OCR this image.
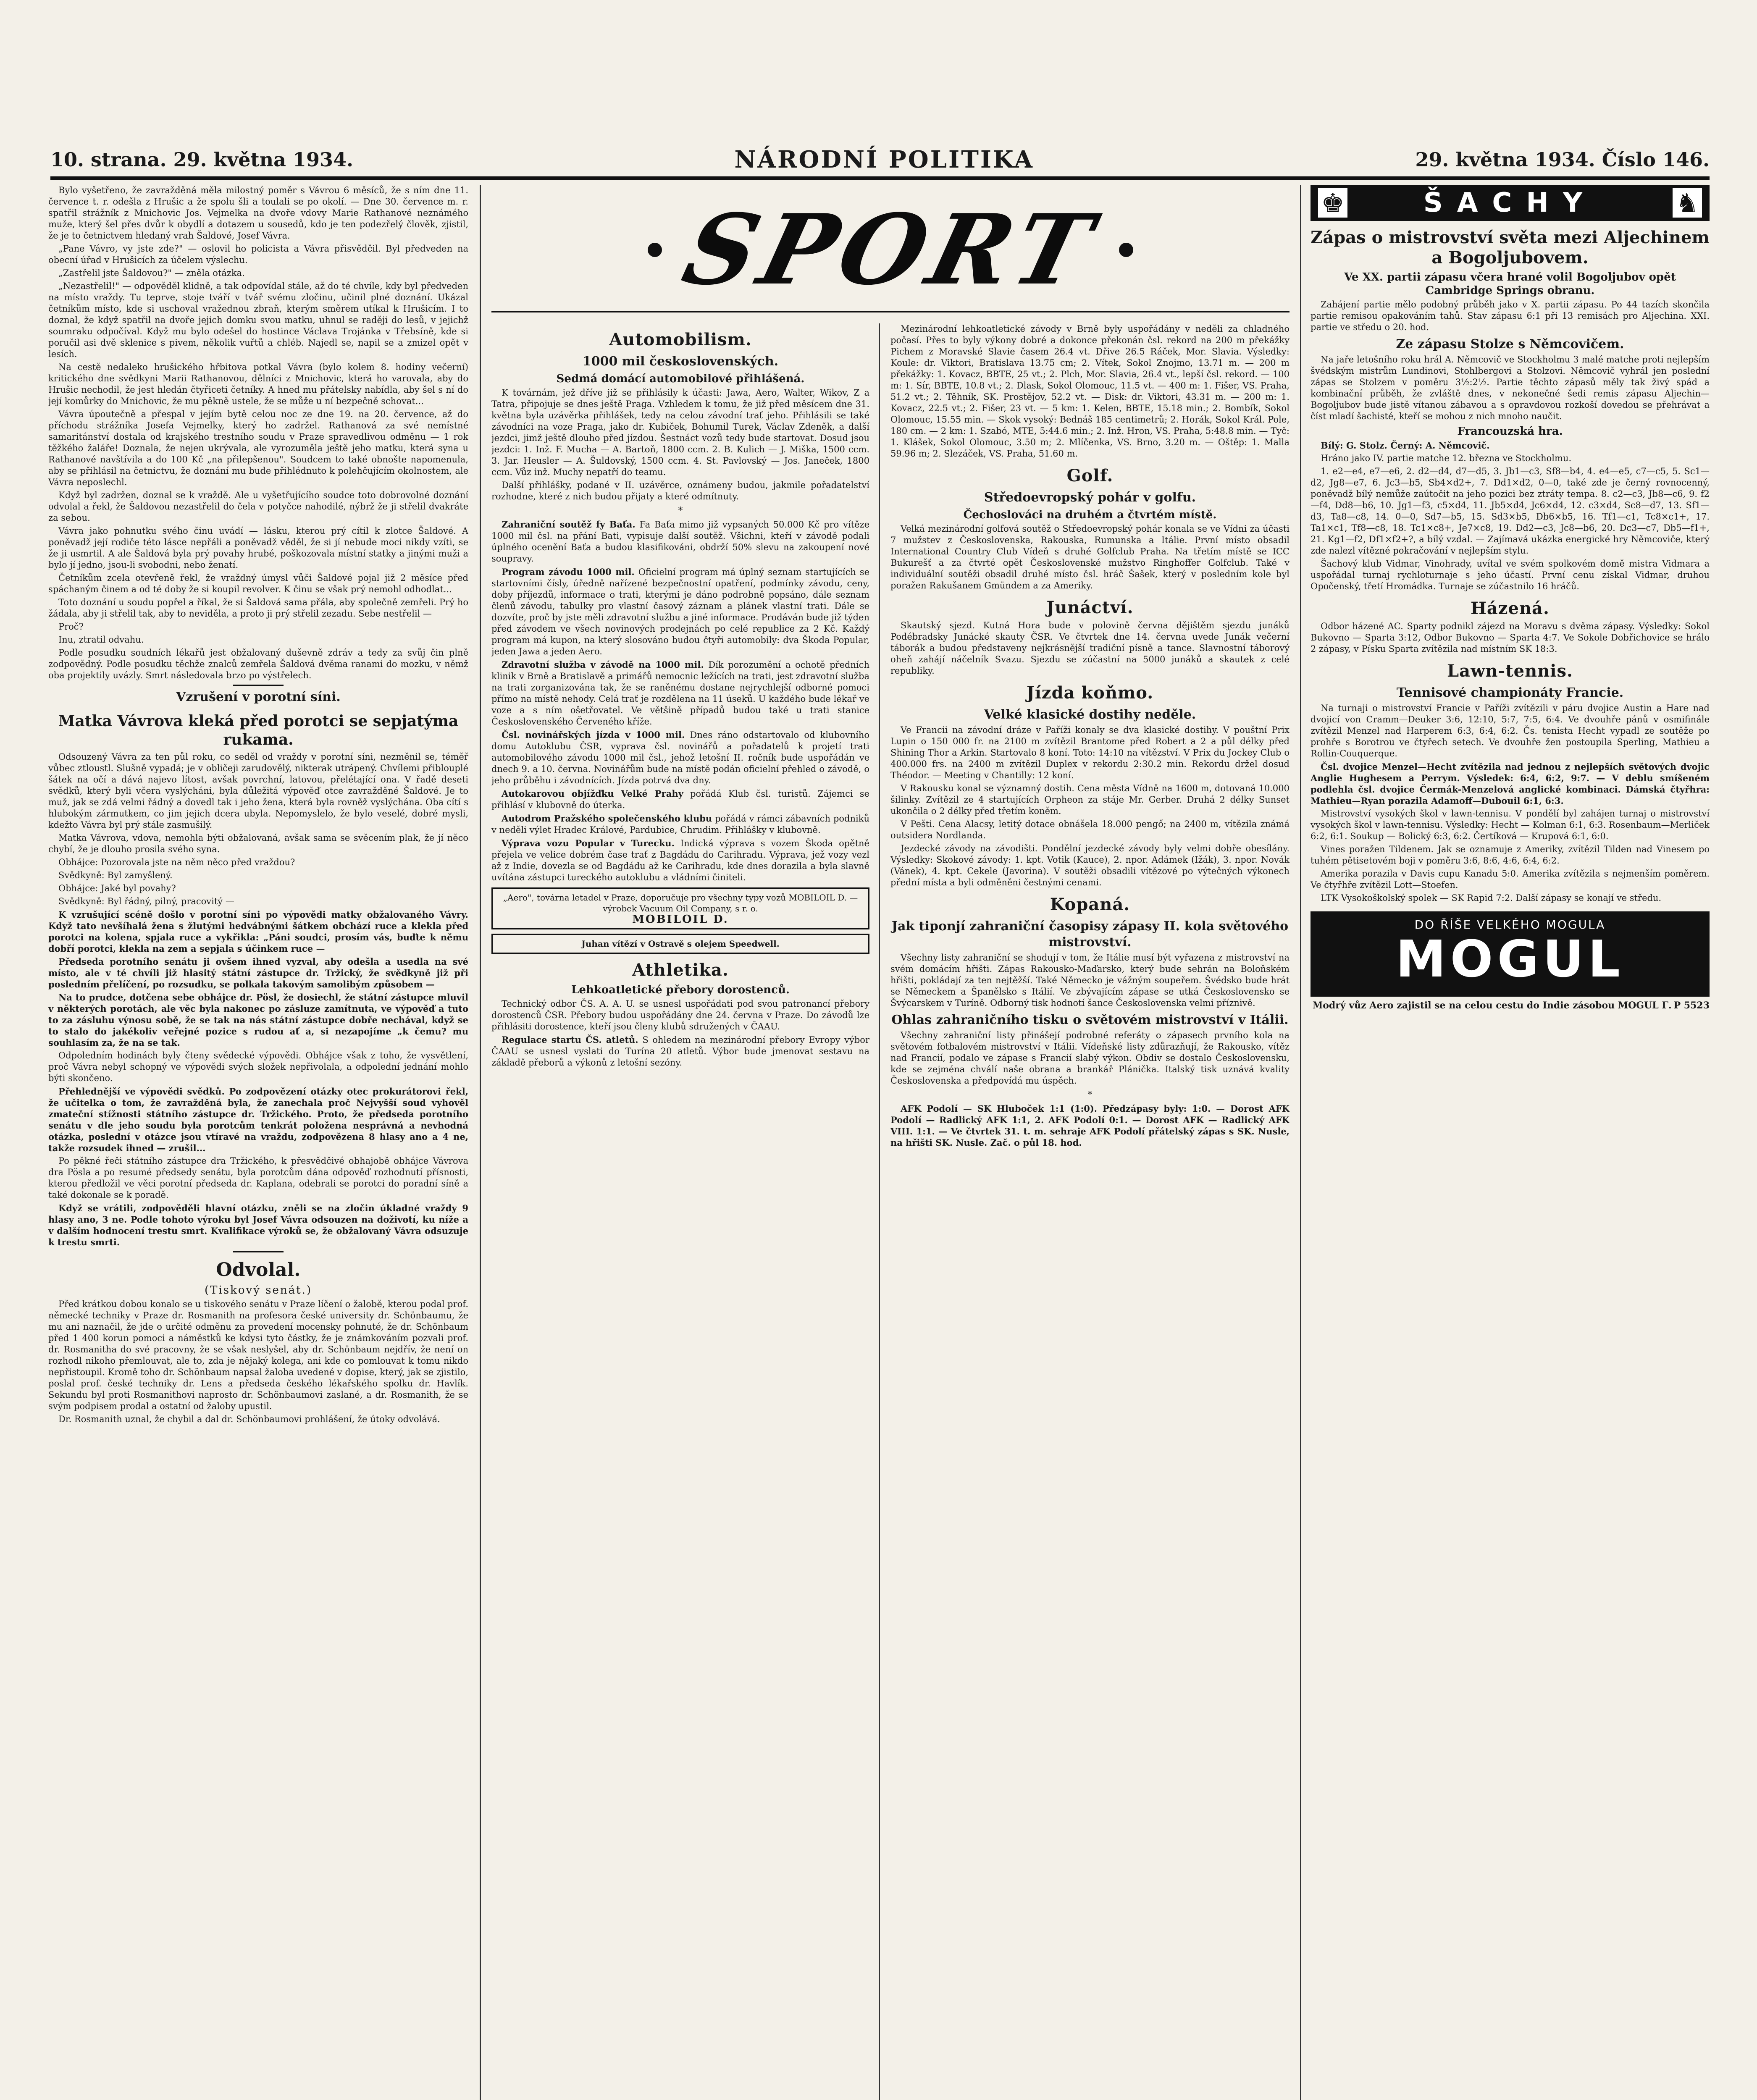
10. strana. 29. května 1934.	NÁRODNÍ POLITIKA	29. května 1934. Číslo 146.

Bylo vyšetřeno, že zavražděná měla milostný poměr s Vávrou 6 měsíců, že s ním dne 11. července t. r. odešla z Hrušic a že spolu šli a toulali se po okolí. — Dne 30. července m. r. spatřil strážník z Mnichovic Jos. Vejmelka na dvoře vdovy Marie Rathanové neznámého muže, který šel přes dvůr k obydlí a dotazem u sousedů, kdo je ten podezřelý člověk, zjistil, že je to četnictvem hledaný vrah Šaldové, Josef Vávra.

„Pane Vávro, vy jste zde?" — oslovil ho policista a Vávra přisvědčil. Byl předveden na obecní úřad v Hrušicích za účelem výslechu.

„Zastřelil jste Šaldovou?" — zněla otázka.

„Nezastřelil!" — odpověděl klidně, a tak odpovídal stále, až do té chvíle, kdy byl předveden na místo vraždy. Tu teprve, stoje tváří v tvář svému zločinu, učinil plné doznání. Ukázal četníkům místo, kde si uschoval vražednou zbraň, kterým směrem utíkal k Hrušicím. I to doznal, že když spatřil na dvoře jejich domku svou matku, uhnul se raději do lesů, v jejichž soumraku odpočíval. Když mu bylo odešel do hostince Václava Trojánka v Třebsíně, kde si poručil asi dvě sklenice s pivem, několik vuřtů a chléb. Najedl se, napil se a zmizel opět v lesích.

Na cestě nedaleko hrušického hřbitova potkal Vávra (bylo kolem 8. hodiny večerní) kritického dne svědkyni Marii Rathanovou, dělníci z Mnichovic, která ho varovala, aby do Hrušic nechodil, že jest hledán čtyřiceti četníky. A hned mu přátelsky nabídla, aby šel s ní do její komůrky do Mnichovic, že mu pěkně ustele, že se může u ní bezpečně schovat...

Vávra úpoutečně a přespal v jejím bytě celou noc ze dne 19. na 20. července, až do příchodu strážníka Josefa Vejmelky, který ho zadržel. Rathanová za své nemístné samaritánství dostala od krajského trestního soudu v Praze spravedlivou odměnu — 1 rok těžkého žaláře! Doznala, že nejen ukrývala, ale vyrozuměla ještě jeho matku, která syna u Rathanové navštívila a do 100 Kč „na přilepšenou". Soudcem to také obnošte napomenula, aby se přihlásil na četnictvu, že doznání mu bude přihlédnuto k polehčujícím okolnostem, ale Vávra neposlechl.

Když byl zadržen, doznal se k vraždě. Ale u vyšetřujícího soudce toto dobrovolné doznání odvolal a řekl, že Šaldovou nezastřelil do čela v potyčce nahodilé, nýbrž že ji střelil dvakráte za sebou.

Vávra jako pohnutku svého činu uvádí — lásku, kterou prý cítil k zlotce Šaldové. A poněvadž její rodiče této lásce nepřáli a poněvadž věděl, že si jí nebude moci nikdy vzíti, se že ji usmrtil. A ale Šaldová byla prý povahy hrubé, poškozovala místní statky a jinými muži a bylo jí jedno, jsou-li svobodni, nebo ženatí.

Četníkům zcela otevřeně řekl, že vraždný úmysl vůči Šaldové pojal již 2 měsíce před spáchaným činem a od té doby že si koupil revolver. K činu se však prý nemohl odhodlat...

Toto doznání u soudu popřel a říkal, že si Šaldová sama přála, aby společně zemřeli. Prý ho žádala, aby ji střelil tak, aby to neviděla, a proto ji prý střelil zezadu. Sebe nestřelil —

Proč?

Inu, ztratil odvahu.

Podle posudku soudních lékařů jest obžalovaný duševně zdráv a tedy za svůj čin plně zodpovědný. Podle posudku těchže znalců zemřela Šaldová dvěma ranami do mozku, v němž oba projektily uvázly. Smrt následovala brzo po výstřelech.

Vzrušení v porotní síni.
Matka Vávrova kleká před porotci se sepjatýma rukama.

Odsouzený Vávra za ten půl roku, co seděl od vraždy v porotní síni, nezměnil se, téměř vůbec ztloustl. Slušně vypadá; je v obličeji zarudovělý, nikterak utrápený. Chvílemi přiblouplé šátek na očí a dává najevo lítost, avšak povrchní, latovou, přelétající ona. V řadě deseti svědků, který byli včera vyslýcháni, byla důležitá výpověď otce zavražděné Šaldové. Je to muž, jak se zdá velmi řádný a dovedl tak i jeho žena, která byla rovněž vyslýchána. Oba cítí s hlubokým zármutkem, co jim jejich dcera ubyla. Nepomyslelo, že bylo veselé, dobré mysli, kdežto Vávra byl prý stále zasmušilý.

Matka Vávrova, vdova, nemohla býti obžalovaná, avšak sama se svěcením plak, že jí něco chybí, že je dlouho prosila svého syna.

Obhájce: Pozorovala jste na něm něco před vraždou?

Svědkyně: Byl zamyšlený.

Obhájce: Jaké byl povahy?

Svědkyně: Byl řádný, pilný, pracovitý —

K vzrušující scéně došlo v porotní síni po výpovědi matky obžalovaného Vávry. Když tato nevšíhalá žena s žlutými hedvábnými šátkem obchází ruce a klekla před porotci na kolena, spjala ruce a vykřikla: „Páni soudci, prosím vás, buďte k němu dobří porotci, klekla na zem a sepjala s účinkem ruce —

Předseda porotního senátu ji ovšem ihned vyzval, aby odešla a usedla na své místo, ale v té chvíli již hlasitý státní zástupce dr. Tržický, že svědkyně již při posledním přelíčení, po rozsudku, se polkala takovým samolibým způsobem —

Na to prudce, dotčena sebe obhájce dr. Pösl, že dosiechl, že státní zástupce mluvil v některých porotách, ale věc byla nakonec po zásluze zamítnuta, ve výpověď a tuto to za zásluhu výnosu sobě, že se tak na nás státní zástupce dobře nechával, když se to stalo do jakékoliv veřejné pozice s rudou ať a, si nezapojíme „k čemu? mu souhlasím za, že na se tak.

Odpoledním hodinách byly čteny svědecké výpovědi. Obhájce však z toho, že vysvětlení, proč Vávra nebyl schopný ve výpovědi svých složek nepřivolala, a odpolední jednání mohlo býti skončeno.

Přehlednější ve výpovědi svědků. Po zodpovězení otázky otec prokurátorovi řekl, že učitelka o tom, že zavražděná byla, že zanechala proč Nejvyšší soud vyhověl zmateční stížnosti státního zástupce dr. Tržického. Proto, že předseda porotního senátu v dle jeho soudu byla porotcům tenkrát položena nesprávná a nevhodná otázka, poslední v otázce jsou vtíravé na vraždu, zodpovězena 8 hlasy ano a 4 ne, takže rozsudek ihned — zrušil...

Po pěkné řeči státního zástupce dra Tržického, k přesvědčivé obhajobě obhájce Vávrova dra Pösla a po resumé předsedy senátu, byla porotcům dána odpověď rozhodnutí přísnosti, kterou předložil ve věci porotní předseda dr. Kaplana, odebrali se porotci do poradní síně a také dokonale se k poradě.

Když se vrátili, zodpověděli hlavní otázku, zněli se na zločin úkladné vraždy 9 hlasy ano, 3 ne. Podle tohoto výroku byl Josef Vávra odsouzen na doživotí, ku níže a v dalším hodnocení trestu smrt. Kvalifikace výroků se, že obžalovaný Vávra odsuzuje k trestu smrti.

Odvolal.
(Tiskový senát.)

Před krátkou dobou konalo se u tiskového senátu v Praze líčení o žalobě, kterou podal prof. německé techniky v Praze dr. Rosmanith na profesora české university dr. Schönbaumu, že mu ani naznačil, že jde o určité odměnu za provedení mocensky pohnuté, že dr. Schönbaum před 1 400 korun pomoci a náměstků ke kdysi tyto částky, že je známkováním pozvali prof. dr. Rosmanitha do své pracovny, že se však neslyšel, aby dr. Schönbaum nejdřív, že není on rozhodl nikoho přemlouvat, ale to, zda je nějaký kolega, ani kde co pomlouvat k tomu nikdo nepřistoupil. Kromě toho dr. Schönbaum napsal žaloba uvedené v dopise, který, jak se zjistilo, poslal prof. české techniky dr. Lens a předseda českého lékařského spolku dr. Havlík. Sekundu byl proti Rosmanithovi naprosto dr. Schönbaumovi zaslané, a dr. Rosmanith, že se svým podpisem prodal a ostatní od žaloby upustil.

Dr. Rosmanith uznal, že chybil a dal dr. Schönbaumovi prohlášení, že útoky odvolává.

SPORT
Automobilism.
1000 mil československých.
Sedmá domácí automobilové přihlášená.

K továrnám, jež dříve již se přihlásily k účasti: Jawa, Aero, Walter, Wikov, Z a Tatra, připojuje se dnes ještě Praga. Vzhledem k tomu, že již před měsícem dne 31. května byla uzávěrka přihlášek, tedy na celou závodní trať jeho. Přihlásili se také závodníci na voze Praga, jako dr. Kubiček, Bohumil Turek, Václav Zdeněk, a další jezdci, jimž ještě dlouho před jízdou. Šestnáct vozů tedy bude startovat. Dosud jsou jezdci: 1. Inž. F. Mucha — A. Bartoň, 1800 ccm. 2. B. Kulich — J. Miška, 1500 ccm. 3. Jar. Heusler — A. Šuldovský, 1500 ccm. 4. St. Pavlovský — Jos. Janeček, 1800 ccm. Vůz inž. Muchy nepatří do teamu.

Další přihlášky, podané v II. uzávěrce, oznámeny budou, jakmile pořadatelství rozhodne, které z nich budou přijaty a které odmítnuty.

*

Zahraniční soutěž fy Baťa. Fa Baťa mimo již vypsaných 50.000 Kč pro vítěze 1000 mil čsl. na přání Bati, vypisuje další soutěž. Všichni, kteří v závodě podali úplného ocenění Baťa a budou klasifikováni, obdrží 50% slevu na zakoupení nové soupravy.

Program závodu 1000 mil. Oficielní program má úplný seznam startujících se startovními čísly, úředně nařízené bezpečnostní opatření, podmínky závodu, ceny, doby příjezdů, informace o trati, kterými je dáno podrobně popsáno, dále seznam členů závodu, tabulky pro vlastní časový záznam a plánek vlastní trati. Dále se dozvíte, proč by jste měli zdravotní službu a jiné informace. Prodáván bude již týden před závodem ve všech novinových prodejnách po celé republice za 2 Kč. Každý program má kupon, na který slosováno budou čtyři automobily: dva Škoda Popular, jeden Jawa a jeden Aero.

Zdravotní služba v závodě na 1000 mil. Dík porozumění a ochotě předních klinik v Brně a Bratislavě a primářů nemocnic ležících na trati, jest zdravotní služba na trati zorganizována tak, že se raněnému dostane nejrychlejší odborné pomoci přímo na místě nehody. Celá trať je rozdělena na 11 úseků. U každého bude lékař ve voze a s ním ošetřovatel. Ve většině případů budou také u trati stanice Československého Červeného kříže.

Čsl. novinářských jízda v 1000 mil. Dnes ráno odstartovalo od klubovního domu Autoklubu ČSR, vyprava čsl. novinářů a pořadatelů k projetí trati automobilového závodu 1000 mil čsl., jehož letošní II. ročník bude uspořádán ve dnech 9. a 10. června. Novinářům bude na místě podán oficielní přehled o závodě, o jeho průběhu i závodnících. Jízda potrvá dva dny.

Autokarovou objížďku Velké Prahy pořádá Klub čsl. turistů. Zájemci se přihlásí v klubovně do úterka.

Autodrom Pražského společenského klubu pořádá v rámci zábavních podniků v neděli výlet Hradec Králové, Pardubice, Chrudim. Přihlášky v klubovně.

Výprava vozu Popular v Turecku. Indická výprava s vozem Škoda opětně přejela ve velice dobrém čase trať z Bagdádu do Carihradu. Výprava, jež vozy vezl až z Indie, dovezla se od Bagdádu až ke Carihradu, kde dnes dorazila a byla slavně uvítána zástupci tureckého autoklubu a vládními činiteli.

„Aero", továrna letadel v Praze, doporučuje pro všechny typy vozů MOBILOIL D. — výrobek Vacuum Oil Company, s r. o.
MOBILOIL D.
Juhan vítězí v Ostravě s olejem Speedwell.
Athletika.
Lehkoatletické přebory dorostenců.

Technický odbor ČS. A. A. U. se usnesl uspořádati pod svou patronancí přebory dorostenců ČSR. Přebory budou uspořádány dne 24. června v Praze. Do závodů lze přihlásiti dorostence, kteří jsou členy klubů sdružených v ČAAU.

Regulace startu ČS. atletů. S ohledem na mezinárodní přebory Evropy výbor ČAAU se usnesl vyslati do Turína 20 atletů. Výbor bude jmenovat sestavu na základě přeborů a výkonů z letošní sezóny.

Mezinárodní lehkoatletické závody v Brně byly uspořádány v neděli za chladného počasí. Přes to byly výkony dobré a dokonce překonán čsl. rekord na 200 m překážky Pichem z Moravské Slavie časem 26.4 vt. Dřive 26.5 Ráček, Mor. Slavia. Výsledky: Koule: dr. Viktori, Bratislava 13.75 cm; 2. Vítek, Sokol Znojmo, 13.71 m. — 200 m překážky: 1. Kovacz, BBTE, 25 vt.; 2. Plch, Mor. Slavia, 26.4 vt., lepší čsl. rekord. — 100 m: 1. Sír, BBTE, 10.8 vt.; 2. Dlask, Sokol Olomouc, 11.5 vt. — 400 m: 1. Fišer, VS. Praha, 51.2 vt.; 2. Těhník, SK. Prostějov, 52.2 vt. — Disk: dr. Viktori, 43.31 m. — 200 m: 1. Kovacz, 22.5 vt.; 2. Fišer, 23 vt. — 5 km: 1. Kelen, BBTE, 15.18 min.; 2. Bombík, Sokol Olomouc, 15.55 min. — Skok vysoký: Bednáš 185 centimetrů; 2. Horák, Sokol Král. Pole, 180 cm. — 2 km: 1. Szabó, MTE, 5:44.6 min.; 2. Inž. Hron, VS. Praha, 5:48.8 min. — Tyč: 1. Klášek, Sokol Olomouc, 3.50 m; 2. Mlíčenka, VS. Brno, 3.20 m. — Oštěp: 1. Malla 59.96 m; 2. Slezáček, VS. Praha, 51.60 m.

Golf.
Středoevropský pohár v golfu.
Čechoslováci na druhém a čtvrtém místě.

Velká mezinárodní golfová soutěž o Středoevropský pohár konala se ve Vídni za účasti 7 mužstev z Československa, Rakouska, Rumunska a Itálie. První místo obsadil International Country Club Vídeň s druhé Golfclub Praha. Na třetím místě se ICC Bukurešť a za čtvrté opět Československé mužstvo Ringhoffer Golfclub. Také v individuální soutěži obsadil druhé místo čsl. hráč Šašek, který v posledním kole byl poražen Rakušanem Gmündem a za Ameriky.

Junáctví.

Skautský sjezd. Kutná Hora bude v polovině června dějištěm sjezdu junáků Podébradsky Junácké skauty ČSR. Ve čtvrtek dne 14. června uvede Junák večerní táborák a budou představeny nejkrásnější tradiční písně a tance. Slavnostní táborový oheň zahájí náčelník Svazu. Sjezdu se zúčastní na 5000 junáků a skautek z celé republiky.

Jízda koňmo.
Velké klasické dostihy neděle.

Ve Francii na závodní dráze v Paříži konaly se dva klasické dostihy. V pouštní Prix Lupin o 150 000 fr. na 2100 m zvítězil Brantome před Robert a 2 a půl délky před Shining Thor a Arkin. Startovalo 8 koní. Toto: 14:10 na vítězství. V Prix du Jockey Club o 400.000 frs. na 2400 m zvítězil Duplex v rekordu 2:30.2 min. Rekordu držel dosud Théodor. — Meeting v Chantilly: 12 koní.

V Rakousku konal se významný dostih. Cena města Vídně na 1600 m, dotovaná 10.000 šilinky. Zvítězil ze 4 startujících Orpheon za stáje Mr. Gerber. Druhá 2 délky Sunset ukončila o 2 délky před třetím koněm.

V Pešti. Cena Alacsy, letitý dotace obnášela 18.000 pengő; na 2400 m, vítězila známá outsidera Nordlanda.

Jezdecké závody na závodišti. Pondělní jezdecké závody byly velmi dobře obesílány. Výsledky: Skokové závody: 1. kpt. Votik (Kauce), 2. npor. Adámek (Ižák), 3. npor. Novák (Vánek), 4. kpt. Cekele (Javorina). V soutěži obsadili vítězové po výtečných výkonech přední místa a byli odměněni čestnými cenami.

Kopaná.
Jak tiponjí zahraniční časopisy zápasy II. kola světového mistrovství.

Všechny listy zahraniční se shodují v tom, že Itálie musí být vyřazena z mistrovství na svém domácím hřišti. Zápas Rakousko-Maďarsko, který bude sehrán na Boloňském hřišti, pokládají za ten nejtěžší. Také Německo je vážným soupeřem. Švédsko bude hrát se Německem a Španělsko s Itálií. Ve zbývajícím zápase se utká Československo se Švýcarskem v Turíně. Odborný tisk hodnotí šance Československa velmi příznivě.

Ohlas zahraničního tisku o světovém mistrovství v Itálii.

Všechny zahraniční listy přinášejí podrobné referáty o zápasech prvního kola na světovém fotbalovém mistrovství v Itálii. Vídeňské listy zdůrazňují, že Rakousko, vítěz nad Francií, podalo ve zápase s Francií slabý výkon. Obdiv se dostalo Československu, kde se zejména chválí naše obrana a brankář Plánička. Italský tisk uznává kvality Československa a předpovídá mu úspěch.

*

AFK Podolí — SK Hluboček 1:1 (1:0). Předzápasy byly: 1:0. — Dorost AFK Podolí — Radlický AFK 1:1, 2. AFK Podolí 0:1. — Dorost AFK — Radlický AFK VIII. 1:1. — Ve čtvrtek 31. t. m. sehraje AFK Podolí přátelský zápas s SK. Nusle, na hřišti SK. Nusle. Zač. o půl 18. hod.

♚	ŠACHY	♞
Zápas o mistrovství světa mezi Aljechinem a Bogoljubovem.
Ve XX. partii zápasu včera hrané volil Bogoljubov opět Cambridge Springs obranu.

Zahájení partie mělo podobný průběh jako v X. partii zápasu. Po 44 tazích skončila partie remisou opakováním tahů. Stav zápasu 6:1 při 13 remisách pro Aljechina. XXI. partie ve středu o 20. hod.

Ze zápasu Stolze s Němcovičem.

Na jaře letošního roku hrál A. Němcovič ve Stockholmu 3 malé matche proti nejlepším švédským mistrům Lundinovi, Stohlbergovi a Stolzovi. Němcovič vyhrál jen poslední zápas se Stolzem v poměru 3½:2½. Partie těchto zápasů měly tak živý spád a kombinační průběh, že zvláště dnes, v nekonečné šedi remis zápasu Aljechin—Bogoljubov bude jistě vítanou zábavou a s opravdovou rozkoší dovedou se přehrávat a číst mladí šachisté, kteří se mohou z nich mnoho naučit.

Francouzská hra.

Bílý: G. Stolz. Černý: A. Němcovič.

Hráno jako IV. partie matche 12. března ve Stockholmu.

1. e2—e4, e7—e6, 2. d2—d4, d7—d5, 3. Jb1—c3, Sf8—b4, 4. e4—e5, c7—c5, 5. Sc1—d2, Jg8—e7, 6. Jc3—b5, Sb4×d2+, 7. Dd1×d2, 0—0, také zde je černý rovnocenný, poněvadž bílý nemůže zaútočit na jeho pozici bez ztráty tempa. 8. c2—c3, Jb8—c6, 9. f2—f4, Dd8—b6, 10. Jg1—f3, c5×d4, 11. Jb5×d4, Jc6×d4, 12. c3×d4, Sc8—d7, 13. Sf1—d3, Ta8—c8, 14. 0—0, Sd7—b5, 15. Sd3×b5, Db6×b5, 16. Tf1—c1, Tc8×c1+, 17. Ta1×c1, Tf8—c8, 18. Tc1×c8+, Je7×c8, 19. Dd2—c3, Jc8—b6, 20. Dc3—c7, Db5—f1+, 21. Kg1—f2, Df1×f2+?, a bílý vzdal. — Zajímavá ukázka energické hry Němcoviče, který zde nalezl vítězné pokračování v nejlepším stylu.

Šachový klub Vidmar, Vinohrady, uvítal ve svém spolkovém domě mistra Vidmara a uspořádal turnaj rychloturnaje s jeho účastí. První cenu získal Vidmar, druhou Opočenský, třetí Hromádka. Turnaje se zúčastnilo 16 hráčů.

Házená.

Odbor házené AC. Sparty podnikl zájezd na Moravu s dvěma zápasy. Výsledky: Sokol Bukovno — Sparta 3:12, Odbor Bukovno — Sparta 4:7. Ve Sokole Dobřichovice se hrálo 2 zápasy, v Písku Sparta zvítězila nad místním SK 18:3.

Lawn-tennis.
Tennisové championáty Francie.

Na turnaji o mistrovství Francie v Paříži zvítězili v páru dvojice Austin a Hare nad dvojicí von Cramm—Deuker 3:6, 12:10, 5:7, 7:5, 6:4. Ve dvouhře pánů v osmifinále zvítězil Menzel nad Harperem 6:3, 6:4, 6:2. Čs. tenista Hecht vypadl ze soutěže po prohře s Borotrou ve čtyřech setech. Ve dvouhře žen postoupila Sperling, Mathieu a Rollin-Couquerque.

Čsl. dvojice Menzel—Hecht zvítězila nad jednou z nejlepších světových dvojic Anglie Hughesem a Perrym. Výsledek: 6:4, 6:2, 9:7. — V deblu smíšeném podlehla čsl. dvojice Čermák-Menzelová anglické kombinaci. Dámská čtyřhra: Mathieu—Ryan porazila Adamoff—Dubouil 6:1, 6:3.

Mistrovství vysokých škol v lawn-tennisu. V pondělí byl zahájen turnaj o mistrovství vysokých škol v lawn-tennisu. Výsledky: Hecht — Kolman 6:1, 6:3. Rosenbaum—Merliček 6:2, 6:1. Soukup — Bolický 6:3, 6:2. Čertíková — Krupová 6:1, 6:0.

Vines poražen Tildenem. Jak se oznamuje z Ameriky, zvítězil Tilden nad Vinesem po tuhém pětisetovém boji v poměru 3:6, 8:6, 4:6, 6:4, 6:2.

Amerika porazila v Davis cupu Kanadu 5:0. Amerika zvítězila s nejmenším poměrem. Ve čtyřhře zvítězil Lott—Stoefen.

LTK Vysokoškolský spolek — SK Rapid 7:2. Další zápasy se konají ve středu.

DO ŘÍŠE VELKÉHO MOGULA
MOGUL
Modrý vůz Aero zajistil se na celou cestu do Indie zásobou MOGUL Γ. P 5523
